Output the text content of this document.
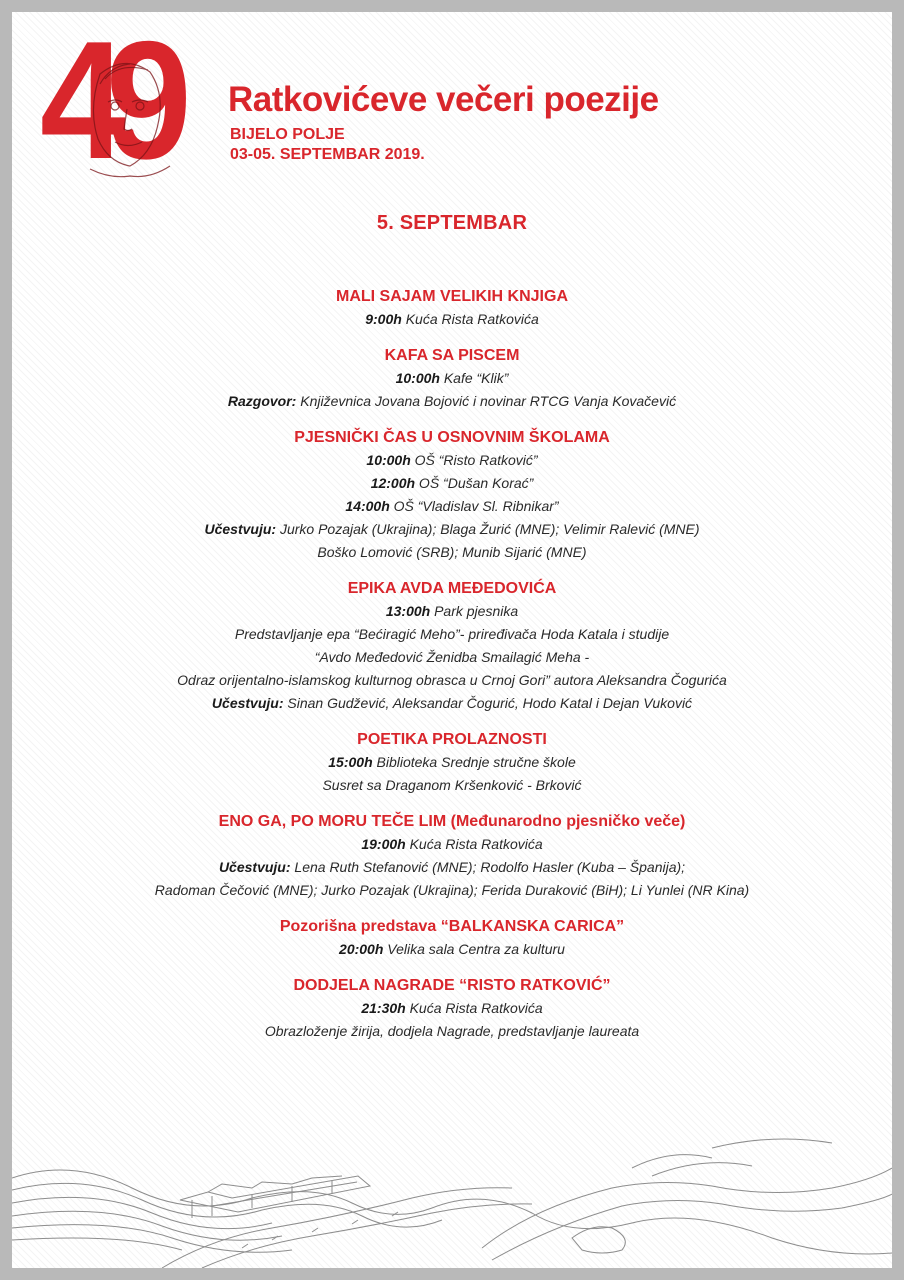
49 Ratkovićeve večeri poezije
BIJELO POLJE
03-05. SEPTEMBAR 2019.
5. SEPTEMBAR
MALI SAJAM VELIKIH KNJIGA
9:00h Kuća Rista Ratkovića
KAFA SA PISCEM
10:00h Kafe “Klik”
Razgovor: Književnica Jovana Bojović i novinar RTCG Vanja Kovačević
PJESNIČKI ČAS U OSNOVNIM ŠKOLAMA
10:00h OŠ “Risto Ratković”
12:00h OŠ “Dušan Korać”
14:00h OŠ “Vladislav Sl. Ribnikar”
Učestvuju: Jurko Pozajak (Ukrajina); Blaga Žurić (MNE); Velimir Ralević (MNE)
Boško Lomović (SRB); Munib Sijarić (MNE)
EPIKA AVDA MEĐEDOVIĆA
13:00h Park pjesnika
Predstavljanje epa “Bećiragić Meho”- priređivača Hoda Katala i studije
“Avdo Međedović Ženidba Smailagić Meha -
Odraz orijentalno-islamskog kulturnog obrasca u Crnoj Gori” autora Aleksandra Čogurića
Učestvuju: Sinan Gudžević, Aleksandar Čogurić, Hodo Katal i Dejan Vuković
POETIKA PROLAZNOSTI
15:00h Biblioteka Srednje stručne škole
Susret sa Draganom Kršenković - Brković
ENO GA, PO MORU TEČE LIM (Međunarodno pjesničko veče)
19:00h Kuća Rista Ratkovića
Učestvuju: Lena Ruth Stefanović (MNE); Rodolfo Hasler (Kuba – Španija);
Radoman Čečović (MNE); Jurko Pozajak (Ukrajina); Ferida Duraković (BiH); Li Yunlei (NR Kina)
Pozorišna predstava “BALKANSKA CARICA”
20:00h Velika sala Centra za kulturu
DODJELA NAGRADE “RISTO RATKOVIĆ”
21:30h Kuća Rista Ratkovića
Obrazloženje žirija, dodjela Nagrade, predstavljanje laureata
